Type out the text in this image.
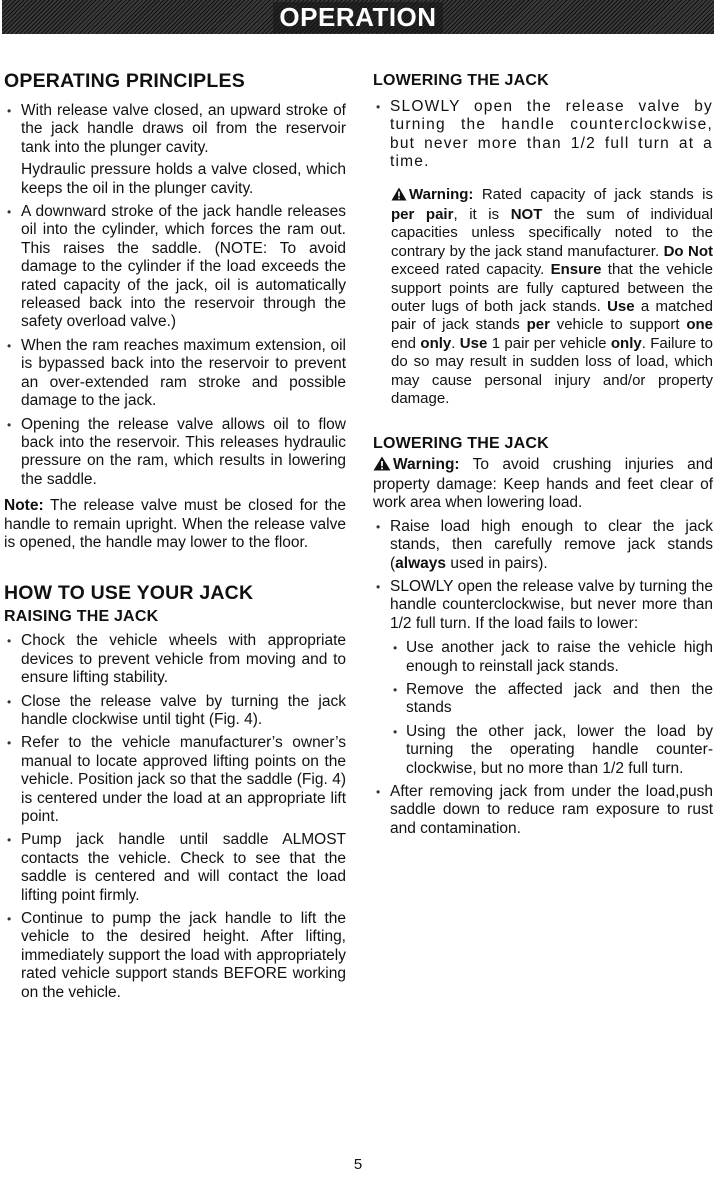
OPERATION
OPERATING PRINCIPLES
• With release valve closed, an upward stroke of the jack handle draws oil from the reservoir tank into the plunger cavity.

Hydraulic pressure holds a valve closed, which keeps the oil in the plunger cavity.

• A downward stroke of the jack handle releases oil into the cylinder, which forces the ram out. This raises the saddle. (NOTE: To avoid damage to the cylinder if the load exceeds the rated capacity of the jack, oil is automatically released back into the reservoir through the safety overload valve.)
• When the ram reaches maximum extension, oil is bypassed back into the reservoir to prevent an over-extended ram stroke and possible damage to the jack.
• Opening the release valve allows oil to flow back into the reservoir. This releases hydraulic pressure on the ram, which results in lowering the saddle.

Note: The release valve must be closed for the handle to remain upright. When the release valve is opened, the handle may lower to the floor.

HOW TO USE YOUR JACK
RAISING THE JACK
• Chock the vehicle wheels with appropriate devices to prevent vehicle from moving and to ensure lifting stability.
• Close the release valve by turning the jack handle clockwise until tight (Fig. 4).
• Refer to the vehicle manufacturer’s owner’s manual to locate approved lifting points on the vehicle. Position jack so that the saddle (Fig. 4) is centered under the load at an appropriate lift point.
• Pump jack handle until saddle ALMOST contacts the vehicle. Check to see that the saddle is centered and will contact the load lifting point firmly.
• Continue to pump the jack handle to lift the vehicle to the desired height. After lifting, immediately support the load with appropriately rated vehicle support stands BEFORE working on the vehicle.
LOWERING THE JACK
• SLOWLY open the release valve by turning the handle counterclockwise, but never more than 1/2 full turn at a time.

Warning: Rated capacity of jack stands is per pair, it is NOT the sum of individual capacities unless specifically noted to the contrary by the jack stand manufacturer. Do Not exceed rated capacity. Ensure that the vehicle support points are fully captured between the outer lugs of both jack stands. Use a matched pair of jack stands per vehicle to support one end only. Use 1 pair per vehicle only. Failure to do so may result in sudden loss of load, which may cause personal injury and/or property damage.

LOWERING THE JACK

Warning: To avoid crushing injuries and property damage: Keep hands and feet clear of work area when lowering load.

• Raise load high enough to clear the jack stands, then carefully remove jack stands (always used in pairs).
• SLOWLY open the release valve by turning the handle counterclockwise, but never more than 1/2 full turn. If the load fails to lower:
• Use another jack to raise the vehicle high enough to reinstall jack stands.
• Remove the affected jack and then the stands
• Using the other jack, lower the load by turning the operating handle counter-clockwise, but no more than 1/2 full turn.
• After removing jack from under the load,push saddle down to reduce ram exposure to rust and contamination.
5
